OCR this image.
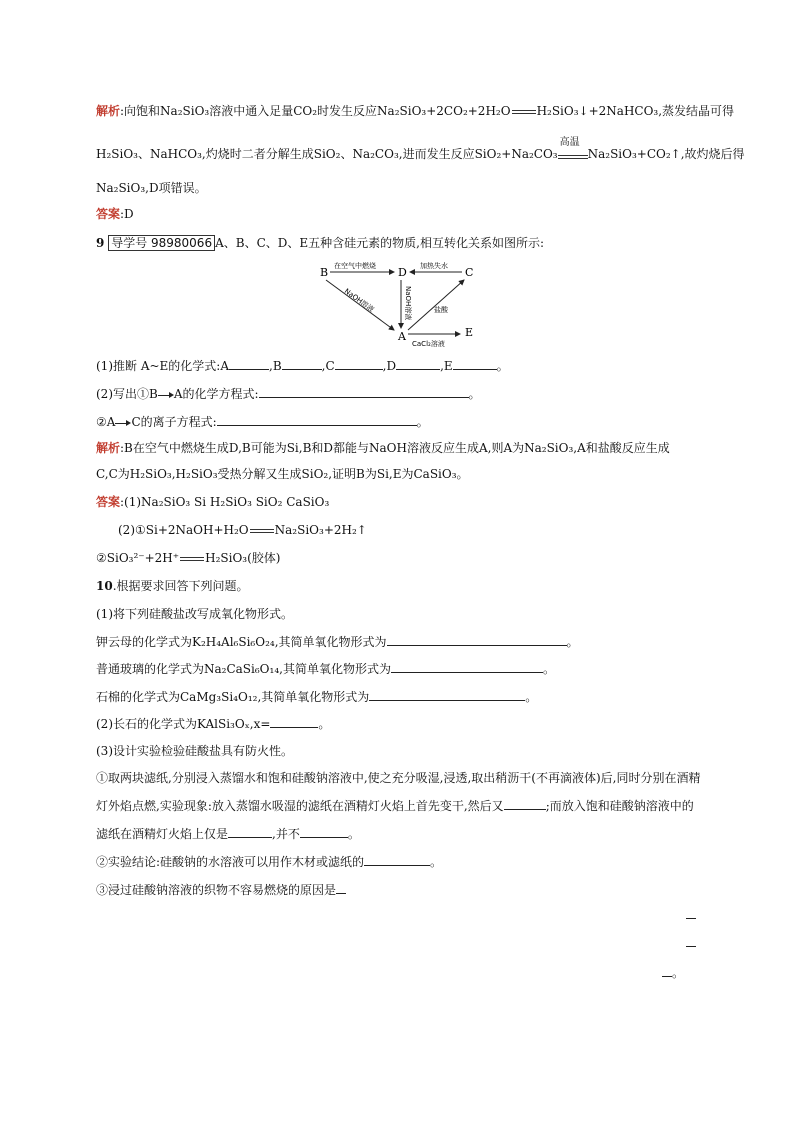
解析:向饱和Na₂SiO₃溶液中通入足量CO₂时发生反应Na₂SiO₃+2CO₂+2H₂O H₂SiO₃↓+2NaHCO₃,蒸发结晶可得
H₂SiO₃、NaHCO₃,灼烧时二者分解生成SiO₂、Na₂CO₃,进而发生反应SiO₂+Na₂CO₃
高温
Na₂SiO₃+CO₂↑,故灼烧后得
Na₂SiO₃,D项错误。
答案:D
9 导学号 98980066 A、B、C、D、E五种含硅元素的物质,相互转化关系如图所示:
B	D	C
A	E
在空气中燃烧	加热失水
NaOH溶液	NaOH溶液	盐酸
CaCl₂溶液
(1)推断 A~E的化学式:A	,B	,C	,D	,E	。
(2)写出①B A的化学方程式:	。
②A C的离子方程式:	。
解析:B在空气中燃烧生成D,B可能为Si,B和D都能与NaOH溶液反应生成A,则A为Na₂SiO₃,A和盐酸反应生成
C,C为H₂SiO₃,H₂SiO₃受热分解又生成SiO₂,证明B为Si,E为CaSiO₃。
答案:(1)Na₂SiO₃ Si H₂SiO₃ SiO₂ CaSiO₃
(2)①Si+2NaOH+H₂O Na₂SiO₃+2H₂↑
②SiO₃²⁻+2H⁺ H₂SiO₃(胶体)
10.根据要求回答下列问题。
(1)将下列硅酸盐改写成氧化物形式。
钾云母的化学式为K₂H₄Al₆Si₆O₂₄,其简单氧化物形式为	。
普通玻璃的化学式为Na₂CaSi₆O₁₄,其简单氧化物形式为	。
石棉的化学式为CaMg₃Si₄O₁₂,其简单氧化物形式为	。
(2)长石的化学式为KAlSi₃Oₓ,x=	。
(3)设计实验检验硅酸盐具有防火性。
①取两块滤纸,分别浸入蒸馏水和饱和硅酸钠溶液中,使之充分吸湿,浸透,取出稍沥干(不再滴液体)后,同时分别在酒精
灯外焰点燃,实验现象:放入蒸馏水吸湿的滤纸在酒精灯火焰上首先变干,然后又	;而放入饱和硅酸钠溶液中的
滤纸在酒精灯火焰上仅是	,并不	。
②实验结论:硅酸钠的水溶液可以用作木材或滤纸的	。
③浸过硅酸钠溶液的织物不容易燃烧的原因是
。
